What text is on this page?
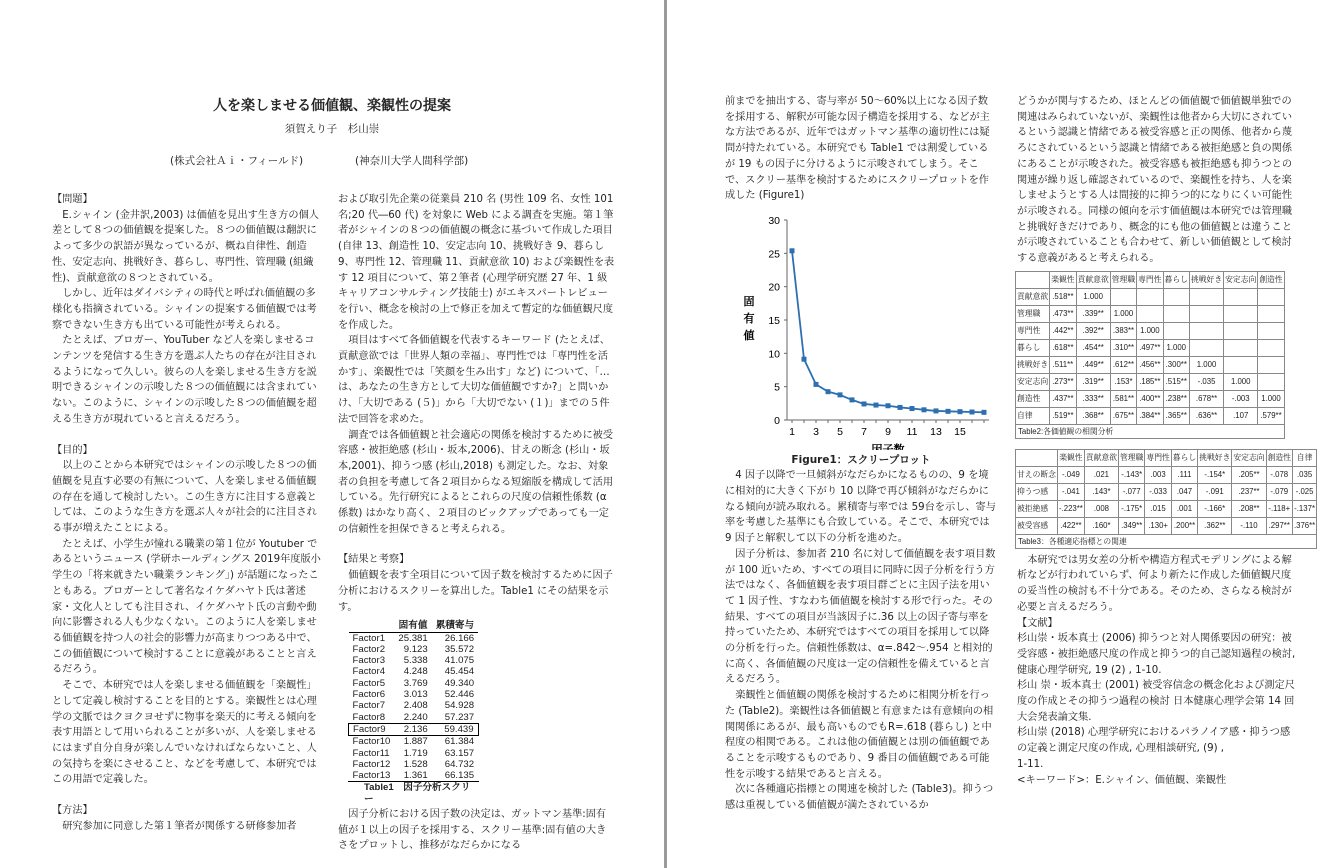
人を楽しませる価値観、楽観性の提案
須賀えり子　杉山崇
(株式会社Ａｉ・フィールド)	(神奈川大学人間科学部)

【問題】

E.シャイン (金井訳,2003) は価値を見出す生き方の個人差として８つの価値観を提案した。８つの価値観は翻訳によって多少の訳語が異なっているが、概ね自律性、創造性、安定志向、挑戦好き、暮らし、専門性、管理職 (組織性)、貢献意欲の８つとされている。

しかし、近年はダイバシティの時代と呼ばれ価値観の多様化も指摘されている。シャインの提案する価値観では考察できない生き方も出ている可能性が考えられる。

たとえば、ブロガー、YouTuber など人を楽しませるコンテンツを発信する生き方を選ぶ人たちの存在が注目されるようになって久しい。彼らの人を楽しませる生き方を説明できるシャインの示唆した８つの価値観には含まれていない。このように、シャインの示唆した８つの価値観を超える生き方が現れていると言えるだろう。

【目的】

以上のことから本研究ではシャインの示唆した８つの価値観を見直す必要の有無について、人を楽しませる価値観の存在を通して検討したい。この生き方に注目する意義としては、このような生き方を選ぶ人々が社会的に注目される事が増えたことによる。

たとえば、小学生が憧れる職業の第１位が Youtuber であるというニュース (学研ホールディングス 2019年度版小学生の「将来就きたい職業ランキング」) が話題になったこともある。ブロガーとして著名なイケダハヤト氏は著述家・文化人としても注目され、イケダハヤト氏の言動や動向に影響される人も少なくない。このように人を楽しませる価値観を持つ人の社会的影響力が高まりつつある中で、この価値観について検討することに意義があることと言えるだろう。

そこで、本研究では人を楽しませる価値観を「楽観性」として定義し検討することを目的とする。楽観性とは心理学の文脈ではクヨクヨせずに物事を楽天的に考える傾向を表す用語として用いられることが多いが、人を楽しませるにはまず自分自身が楽しんでいなければならないこと、人の気持ちを楽にさせること、などを考慮して、本研究ではこの用語で定義した。

【方法】

研究参加に同意した第１筆者が関係する研修参加者

および取引先企業の従業員 210 名 (男性 109 名、女性 101 名;20 代―60 代) を対象に Web による調査を実施。第１筆者がシャインの８つの価値観の概念に基づいて作成した項目 (自律 13、創造性 10、安定志向 10、挑戦好き 9、暮らし 9、専門性 12、管理職 11、貢献意欲 10) および楽観性を表す 12 項目について、第２筆者 (心理学研究歴 27 年、1 級キャリアコンサルティング技能士) がエキスパートレビューを行い、概念を検討の上で修正を加えて暫定的な価値観尺度を作成した。

項目はすべて各価値観を代表するキーワード (たとえば、貢献意欲では「世界人類の幸福」、専門性では「専門性を活かす」、楽観性では「笑顔を生み出す」など) について、「…は、あなたの生き方として大切な価値観ですか?」と問いかけ、「大切である (５)」から「大切でない (１)」までの５件法で回答を求めた。

調査では各価値観と社会適応の関係を検討するために被受容感・被拒絶感 (杉山・坂本,2006)、甘えの断念 (杉山・坂本,2001)、抑うつ感 (杉山,2018) も測定した。なお、対象者の負担を考慮して各２項目からなる短縮版を構成して活用している。先行研究によるとこれらの尺度の信頼性係数 (α係数) はかなり高く、２項目のピックアップであっても一定の信頼性を担保できると考えられる。

【結果と考察】

価値観を表す全項目について因子数を検討するために因子分析におけるスクリーを算出した。Table1 にその結果を示す。

	固有値	累積寄与
Factor1	25.381	26.166
Factor2	9.123	35.572
Factor3	5.338	41.075
Factor4	4.248	45.454
Factor5	3.769	49.340
Factor6	3.013	52.446
Factor7	2.408	54.928
Factor8	2.240	57.237
Factor9	2.136	59.439
Factor10	1.887	61.384
Factor11	1.719	63.157
Factor12	1.528	64.732
Factor13	1.361	66.135
Table1　因子分析スクリー

因子分析における因子数の決定は、ガットマン基準:固有値が１以上の因子を採用する、スクリー基準:固有値の大きさをプロットし、推移がなだらかになる

前までを抽出する、寄与率が 50〜60%以上になる因子数を採用する、解釈が可能な因子構造を採用する、などが主な方法であるが、近年ではガットマン基準の適切性には疑問が持たれている。本研究でも Table1 では割愛しているが 19 もの因子に分けるように示唆されてしまう。そこで、スクリー基準を検討するためにスクリープロットを作成した (Figure1)

0
5
10
15
20
25
30
1 3 5 7 9 11 13 15
固有値
因子数
Figure1：スクリープロット

4 因子以降で一旦傾斜がなだらかになるものの、9 を境に相対的に大きく下がり 10 以降で再び傾斜がなだらかになる傾向が読み取れる。累積寄与率では 59台を示し、寄与率を考慮した基準にも合致している。そこで、本研究では 9 因子と解釈して以下の分析を進めた。

因子分析は、参加者 210 名に対して価値観を表す項目数が 100 近いため、すべての項目に同時に因子分析を行う方法ではなく、各価値観を表す項目群ごとに主因子法を用いて 1 因子性、すなわち価値観を検討する形で行った。その結果、すべての項目が当該因子に.36 以上の因子寄与率を持っていたため、本研究ではすべての項目を採用して以降の分析を行った。信頼性係数は、α=.842〜.954 と相対的に高く、各価値観の尺度は一定の信頼性を備えていると言えるだろう。

楽観性と価値観の関係を検討するために相関分析を行った (Table2)。楽観性は各価値観と有意または有意傾向の相関関係にあるが、最も高いものでもR=.618 (暮らし) と中程度の相関である。これは他の価値観とは別の価値観であることを示唆するものであり、9 番目の価値観である可能性を示唆する結果であると言える。

次に各種適応指標との関連を検討した (Table3)。抑うつ感は重視している価値観が満たされているか

どうかが関与するため、ほとんどの価値観で価値観単独での関連はみられていないが、楽観性は他者から大切にされているという認識と情緒である被受容感と正の関係、他者から蔑ろにされているという認識と情緒である被拒絶感と負の関係にあることが示唆された。被受容感も被拒絶感も抑うつとの関連が繰り返し確認されているので、楽観性を持ち、人を楽しませようとする人は間接的に抑うつ的になりにくい可能性が示唆される。同様の傾向を示す価値観は本研究では管理職と挑戦好きだけであり、概念的にも他の価値観とは違うことが示唆されていることも合わせて、新しい価値観として検討する意義があると考えられる。

	楽観性	貢献意欲	管理職	専門性	暮らし	挑戦好き	安定志向	創造性
貢献意欲	.518**	1.000						
管理職	.473**	.339**	1.000					
専門性	.442**	.392**	.383**	1.000				
暮らし	.618**	.454**	.310**	.497**	1.000			
挑戦好き	.511**	.449**	.612**	.456**	.300**	1.000		
安定志向	.273**	.319**	.153*	.185**	.515**	-.035	1.000	
創造性	.437**	.333**	.581**	.400**	.238**	.678**	-.003	1.000
自律	.519**	.368**	.675**	.384**	.365**	.636**	.107	.579**
Table2:各価値観の相関分析
	楽観性	貢献意欲	管理職	専門性	暮らし	挑戦好き	安定志向	創造性	自律
甘えの断念	-.049	.021	-.143*	.003	.111	-.154*	.205**	-.078	.035
抑うつ感	-.041	.143*	-.077	-.033	.047	-.091	.237**	-.079	-.025
被拒絶感	-.223**	.008	-.175*	.015	.001	-.166*	.208**	-.118+	-.137*
被受容感	.422**	.160*	.349**	.130+	.200**	.362**	-.110	.297**	.376**
Table3：各種適応指標との関連

本研究では男女差の分析や構造方程式モデリングによる解析などが行われていらず、何より新たに作成した価値観尺度の妥当性の検討も不十分である。そのため、さらなる検討が必要と言えるだろう。

【文献】

杉山崇・坂本真士 (2006) 抑うつと対人関係要因の研究：被受容感・被拒絶感尺度の作成と抑うつ的自己認知過程の検討, 健康心理学研究, 19 (2) , 1-10.

杉山 崇・坂本真士 (2001) 被受容信念の概念化および測定尺度の作成とその抑うつ過程の検討 日本健康心理学会第 14 回大会発表論文集.

杉山崇 (2018) 心理学研究におけるパラノイア感・抑うつ感の定義と測定尺度の作成, 心理相談研究, (9) ,

1-11.

<キーワード>：E.シャイン、価値観、楽観性
